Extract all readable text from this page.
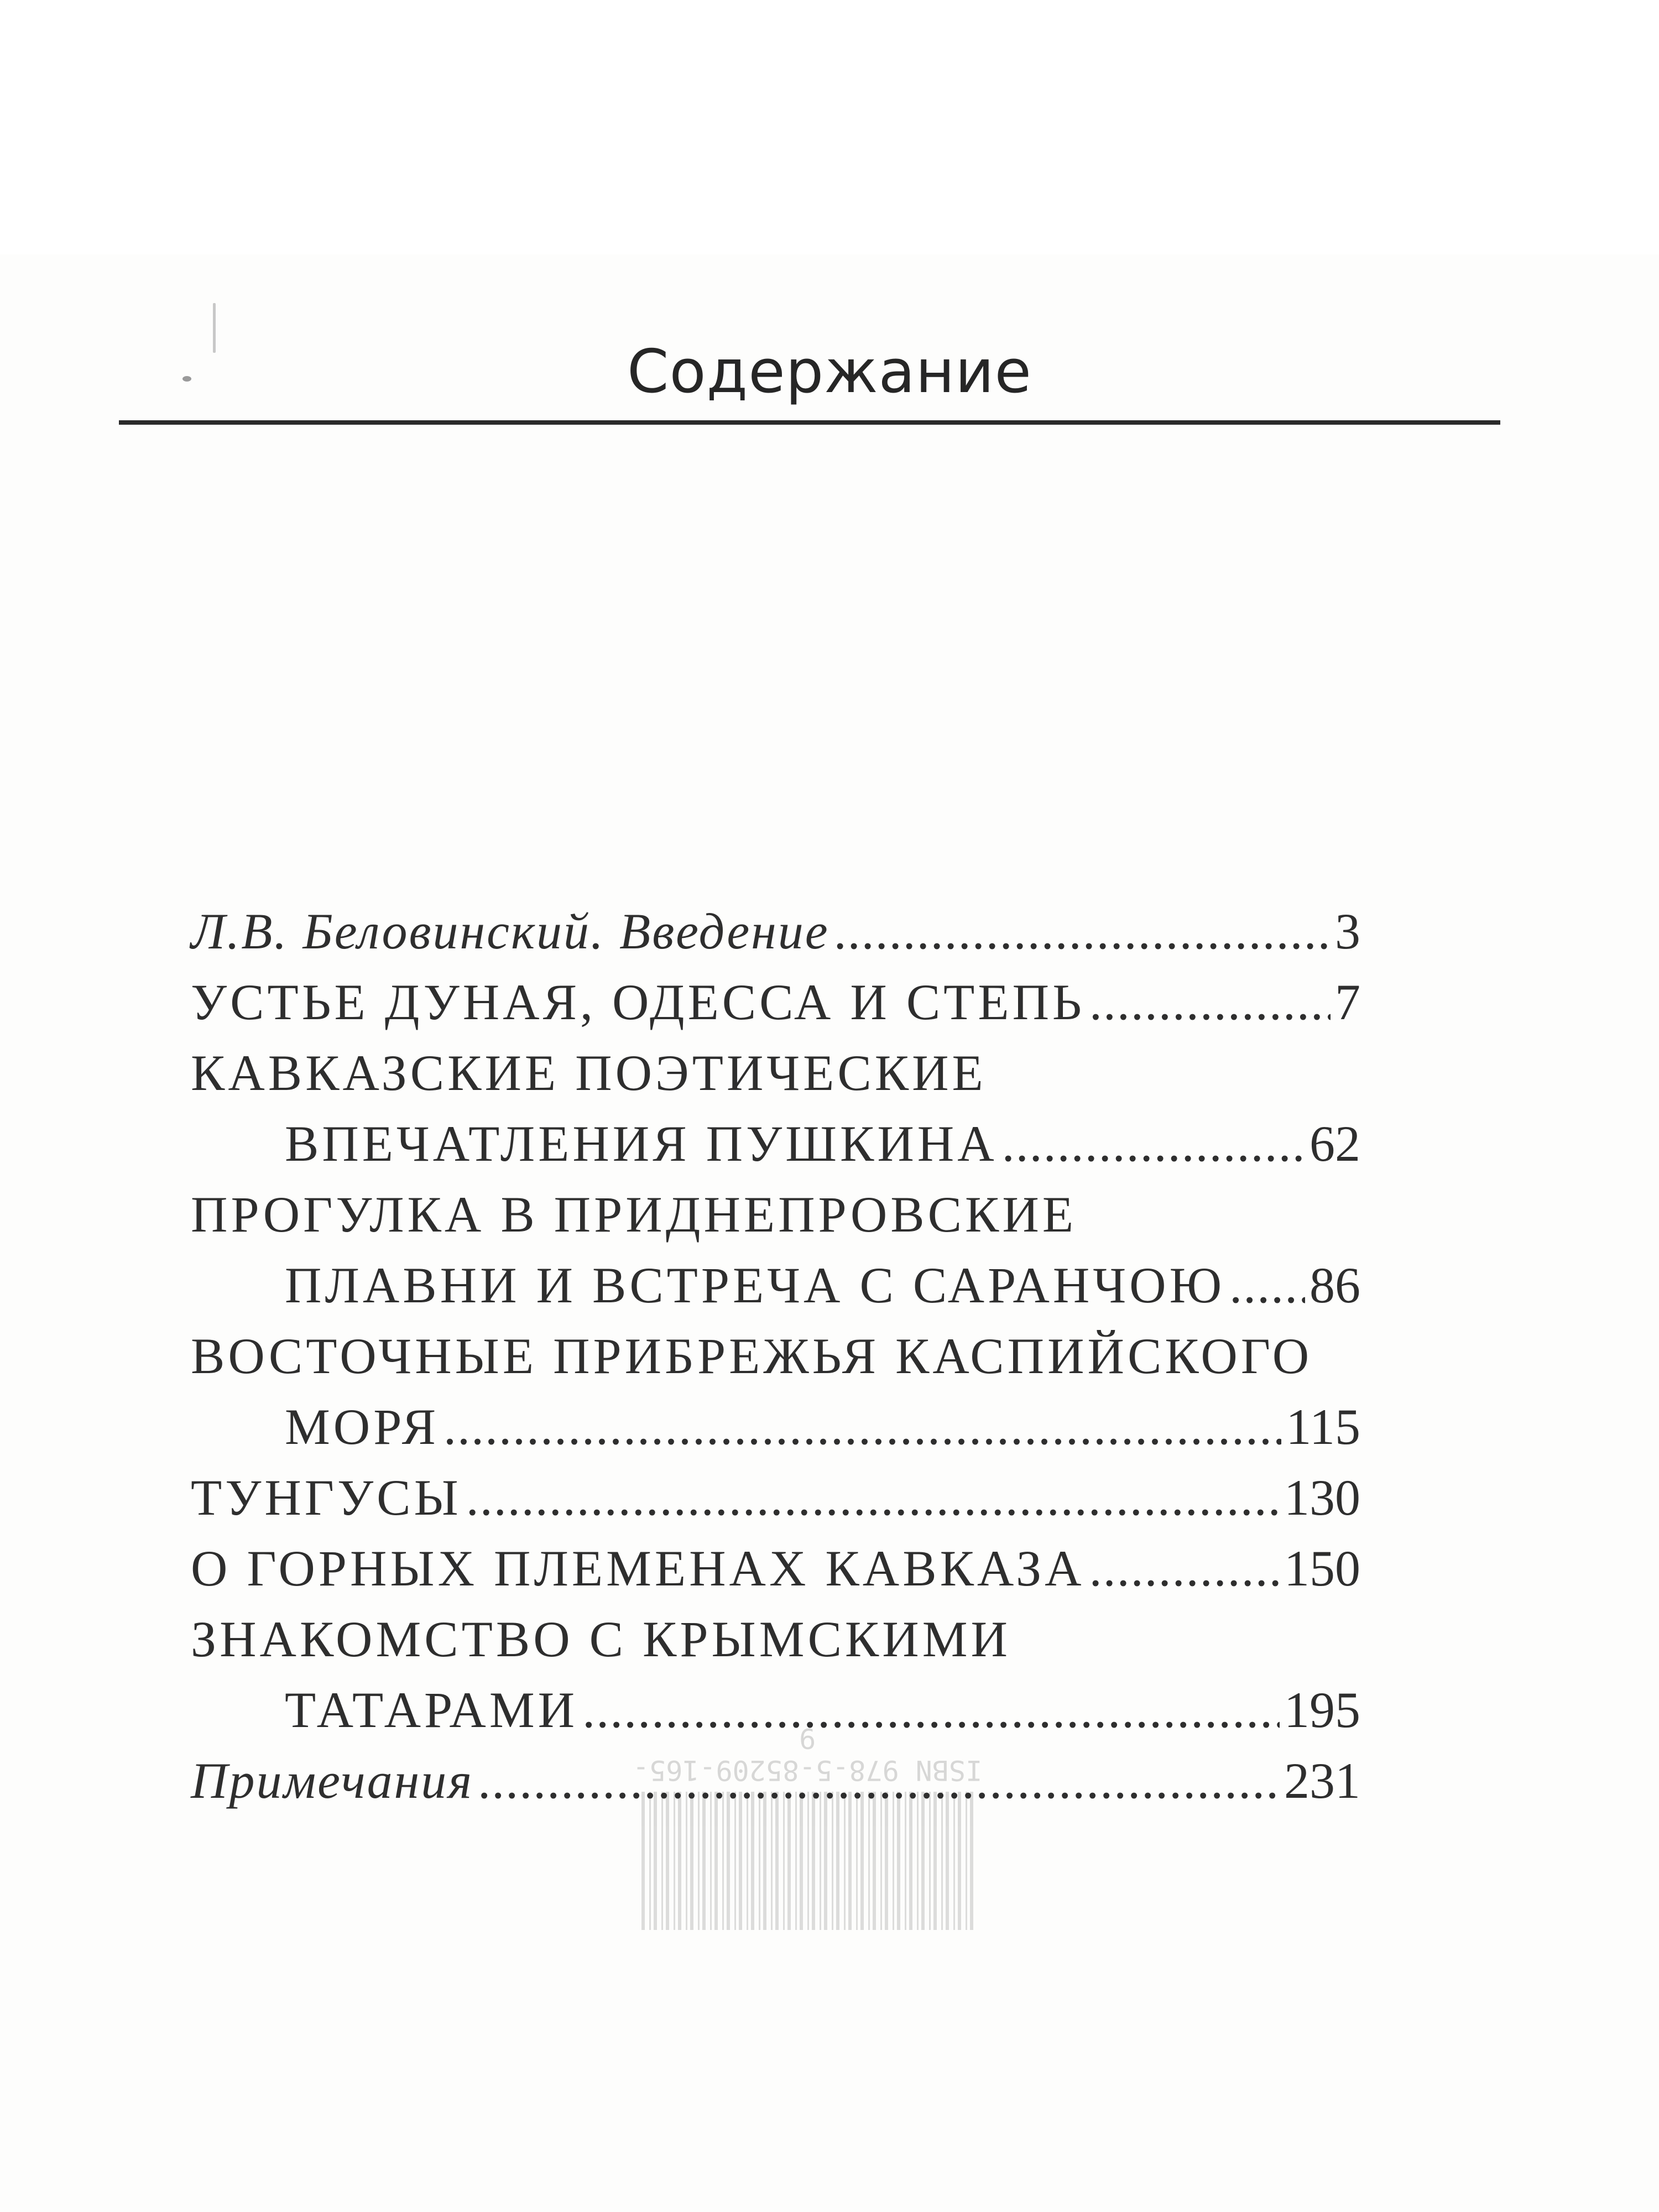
ISBN 978-5-85209-165-9
Содержание
Л.В. Беловинский. Введение .....	3
УСТЬЕ ДУНАЯ, ОДЕССА И СТЕПЬ .....	7
КАВКАЗСКИЕ ПОЭТИЧЕСКИЕ
ВПЕЧАТЛЕНИЯ ПУШКИНА .....	62
ПРОГУЛКА В ПРИДНЕПРОВСКИЕ
ПЛАВНИ И ВСТРЕЧА С САРАНЧОЮ ..... 86
ВОСТОЧНЫЕ ПРИБРЕЖЬЯ КАСПИЙСКОГО
МОРЯ .....	115
ТУНГУСЫ .....	130
О ГОРНЫХ ПЛЕМЕНАХ КАВКАЗА .....	150
ЗНАКОМСТВО С КРЫМСКИМИ
ТАТАРАМИ .....	195
Примечания .....	231
